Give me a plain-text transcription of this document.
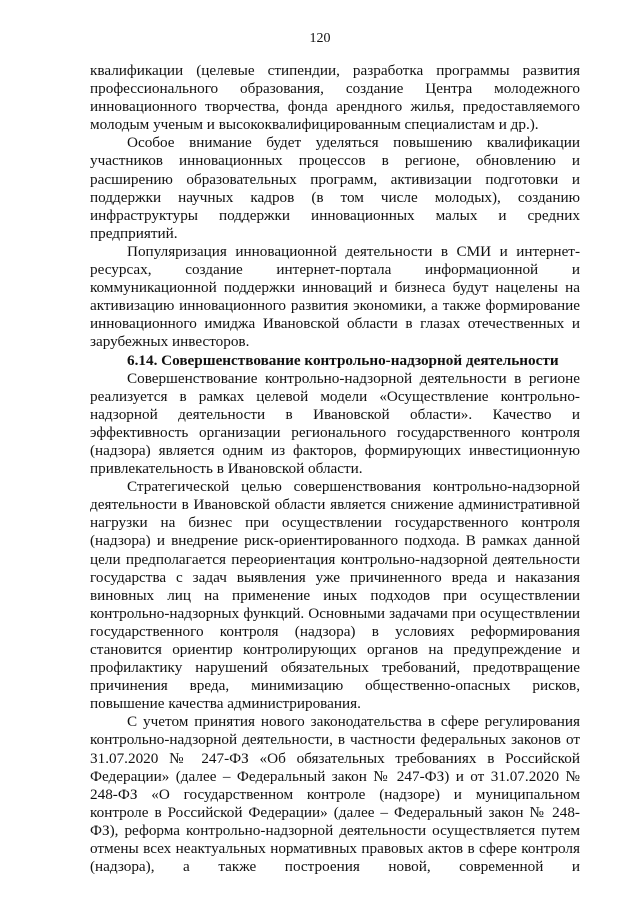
120

квалификации (целевые стипендии, разработка программы развития профессионального образования, создание Центра молодежного инновационного творчества, фонда арендного жилья, предоставляемого молодым ученым и высококвалифицированным специалистам и др.).

Особое внимание будет уделяться повышению квалификации участников инновационных процессов в регионе, обновлению и расширению образовательных программ, активизации подготовки и поддержки научных кадров (в том числе молодых), созданию инфраструктуры поддержки инновационных малых и средних предприятий.

Популяризация инновационной деятельности в СМИ и интернет-ресурсах, создание интернет-портала информационной и коммуникационной поддержки инноваций и бизнеса будут нацелены на активизацию инновационного развития экономики, а также формирование инновационного имиджа Ивановской области в глазах отечественных и зарубежных инвесторов.

6.14. Совершенствование контрольно-надзорной деятельности

Совершенствование контрольно-надзорной деятельности в регионе реализуется в рамках целевой модели «Осуществление контрольно-надзорной деятельности в Ивановской области». Качество и эффективность организации регионального государственного контроля (надзора) является одним из факторов, формирующих инвестиционную привлекательность в Ивановской области.

Стратегической целью совершенствования контрольно-надзорной деятельности в Ивановской области является снижение административной нагрузки на бизнес при осуществлении государственного контроля (надзора) и внедрение риск-ориентированного подхода. В рамках данной цели предполагается переориентация контрольно-надзорной деятельности государства с задач выявления уже причиненного вреда и наказания виновных лиц на применение иных подходов при осуществлении контрольно-надзорных функций. Основными задачами при осуществлении государственного контроля (надзора) в условиях реформирования становится ориентир контролирующих органов на предупреждение и профилактику нарушений обязательных требований, предотвращение причинения вреда, минимизацию общественно-опасных рисков, повышение качества администрирования.

С учетом принятия нового законодательства в сфере регулирования контрольно-надзорной деятельности, в частности федеральных законов от 31.07.2020 № 247-ФЗ «Об обязательных требованиях в Российской Федерации» (далее – Федеральный закон № 247-ФЗ) и от 31.07.2020 № 248-ФЗ «О государственном контроле (надзоре) и муниципальном контроле в Российской Федерации» (далее – Федеральный закон № 248-ФЗ), реформа контрольно-надзорной деятельности осуществляется путем отмены всех неактуальных нормативных правовых актов в сфере контроля (надзора), а также построения новой, современной и
